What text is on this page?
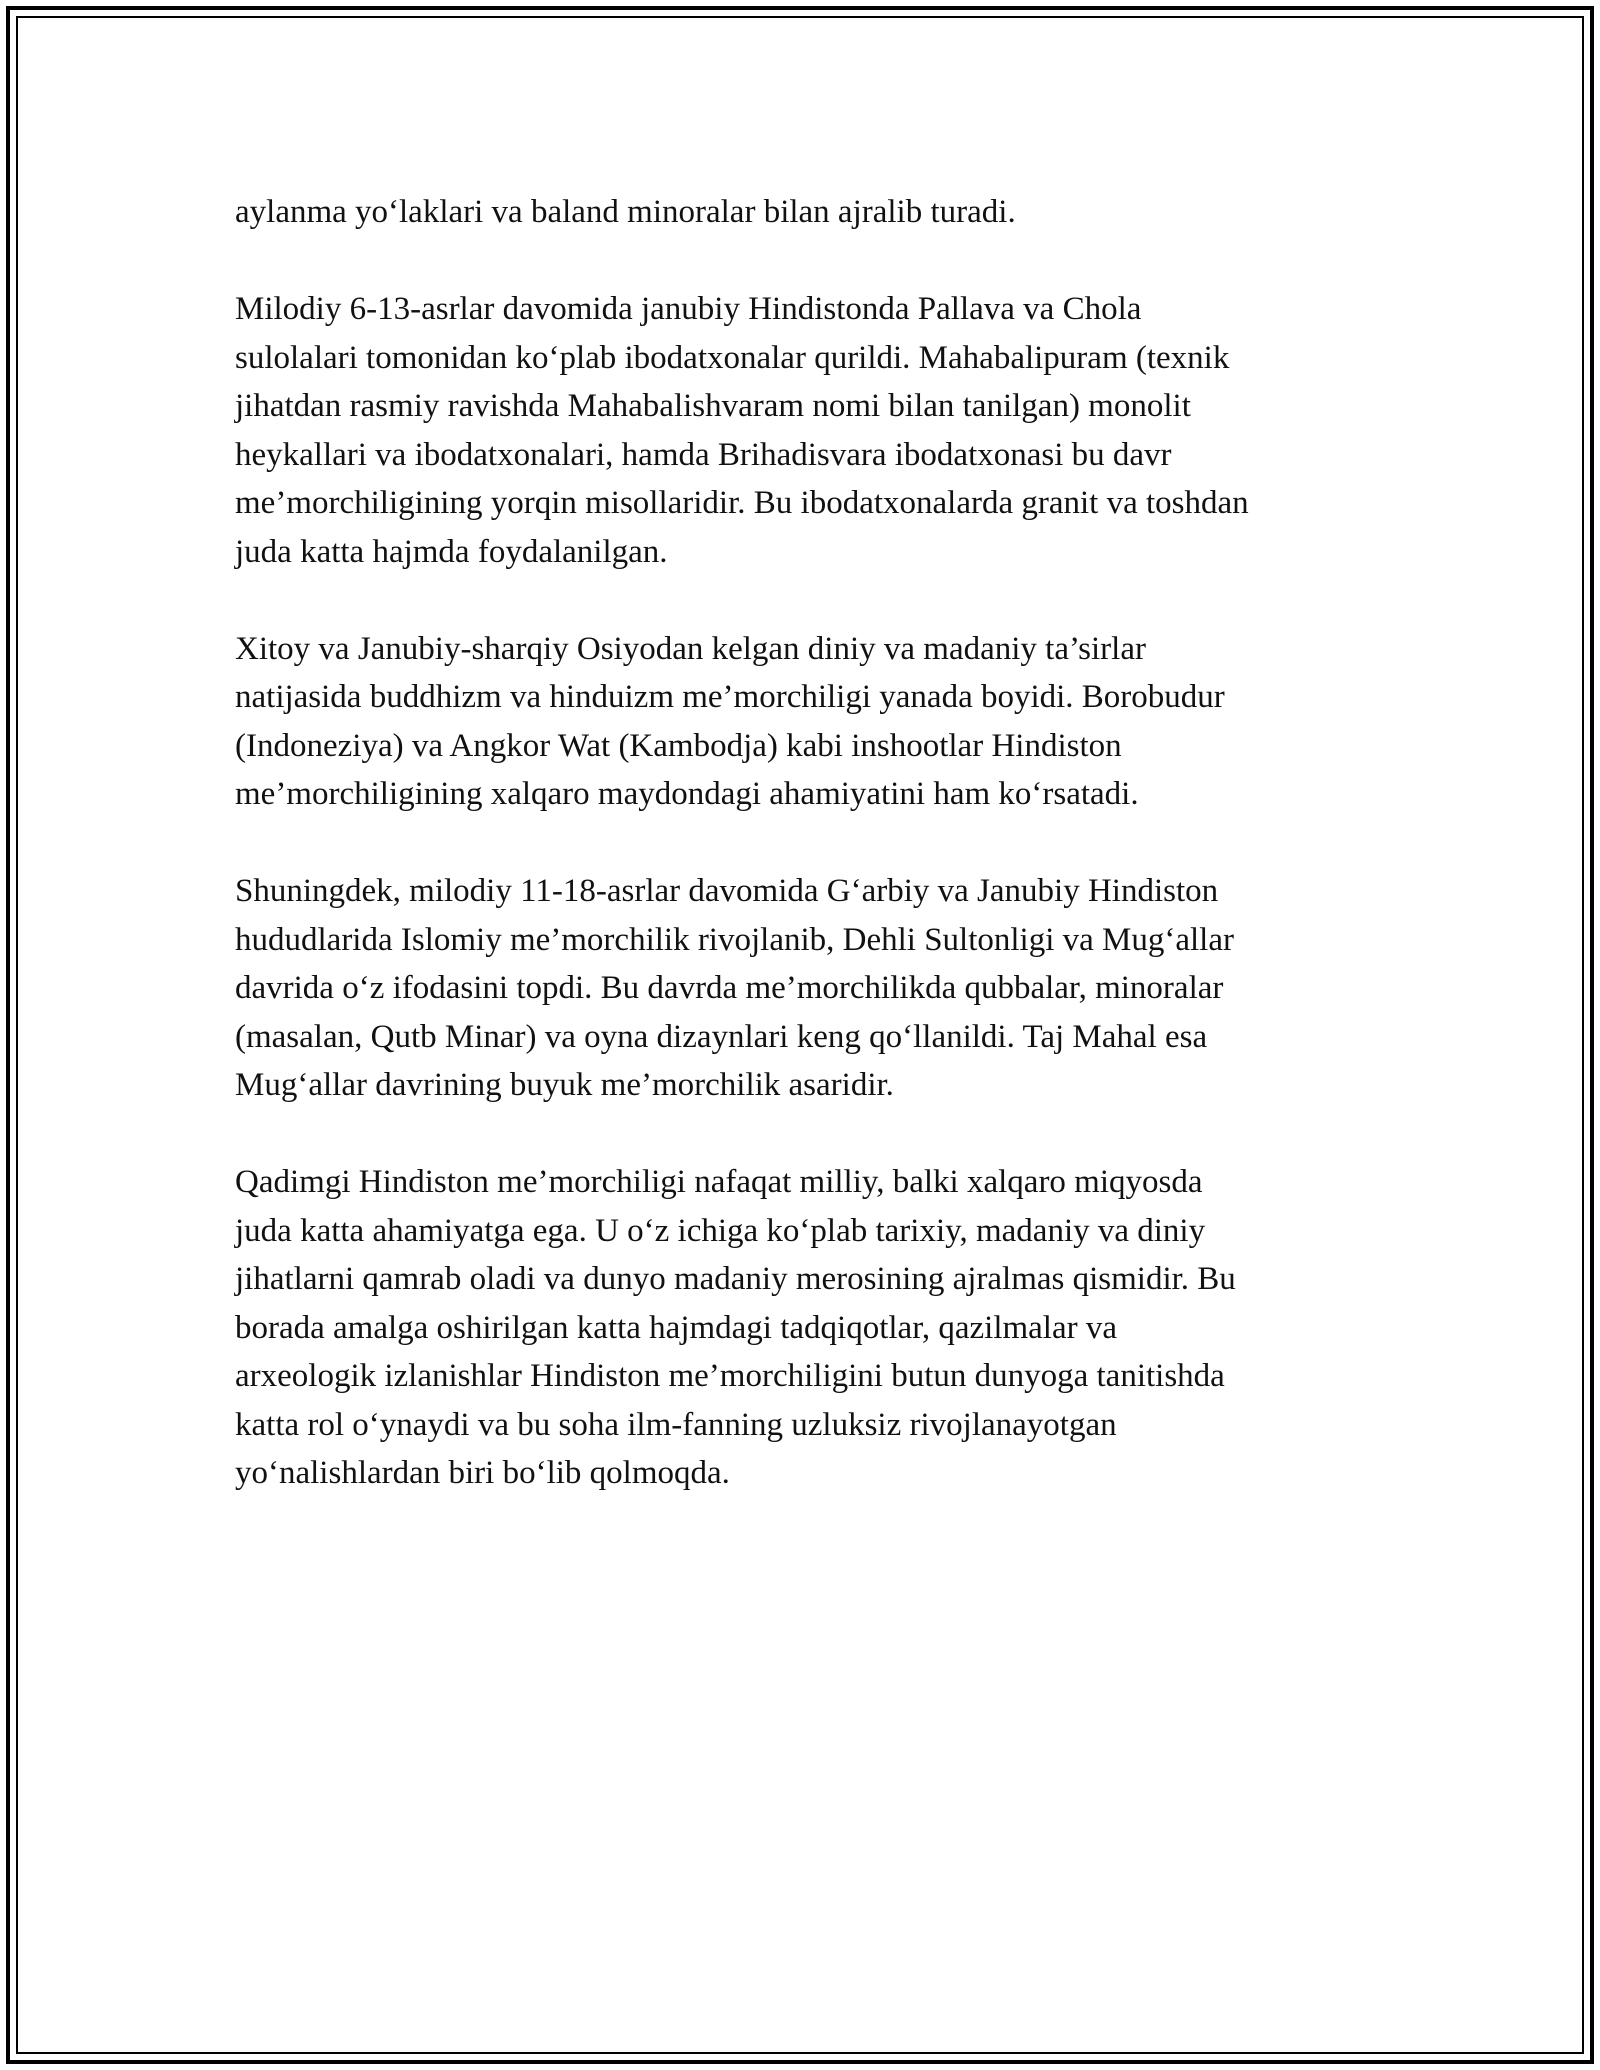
aylanma yo‘laklari va baland minoralar bilan ajralib turadi.

Milodiy 6-13-asrlar davomida janubiy Hindistonda Pallava va Chola
sulolalari tomonidan ko‘plab ibodatxonalar qurildi. Mahabalipuram (texnik
jihatdan rasmiy ravishda Mahabalishvaram nomi bilan tanilgan) monolit
heykallari va ibodatxonalari, hamda Brihadisvara ibodatxonasi bu davr
me’morchiligining yorqin misollaridir. Bu ibodatxonalarda granit va toshdan
juda katta hajmda foydalanilgan.

Xitoy va Janubiy-sharqiy Osiyodan kelgan diniy va madaniy ta’sirlar
natijasida buddhizm va hinduizm me’morchiligi yanada boyidi. Borobudur
(Indoneziya) va Angkor Wat (Kambodja) kabi inshootlar Hindiston
me’morchiligining xalqaro maydondagi ahamiyatini ham ko‘rsatadi.

Shuningdek, milodiy 11-18-asrlar davomida G‘arbiy va Janubiy Hindiston
hududlarida Islomiy me’morchilik rivojlanib, Dehli Sultonligi va Mug‘allar
davrida o‘z ifodasini topdi. Bu davrda me’morchilikda qubbalar, minoralar
(masalan, Qutb Minar) va oyna dizaynlari keng qo‘llanildi. Taj Mahal esa
Mug‘allar davrining buyuk me’morchilik asaridir.

Qadimgi Hindiston me’morchiligi nafaqat milliy, balki xalqaro miqyosda
juda katta ahamiyatga ega. U o‘z ichiga ko‘plab tarixiy, madaniy va diniy
jihatlarni qamrab oladi va dunyo madaniy merosining ajralmas qismidir. Bu
borada amalga oshirilgan katta hajmdagi tadqiqotlar, qazilmalar va
arxeologik izlanishlar Hindiston me’morchiligini butun dunyoga tanitishda
katta rol o‘ynaydi va bu soha ilm-fanning uzluksiz rivojlanayotgan
yo‘nalishlardan biri bo‘lib qolmoqda.
